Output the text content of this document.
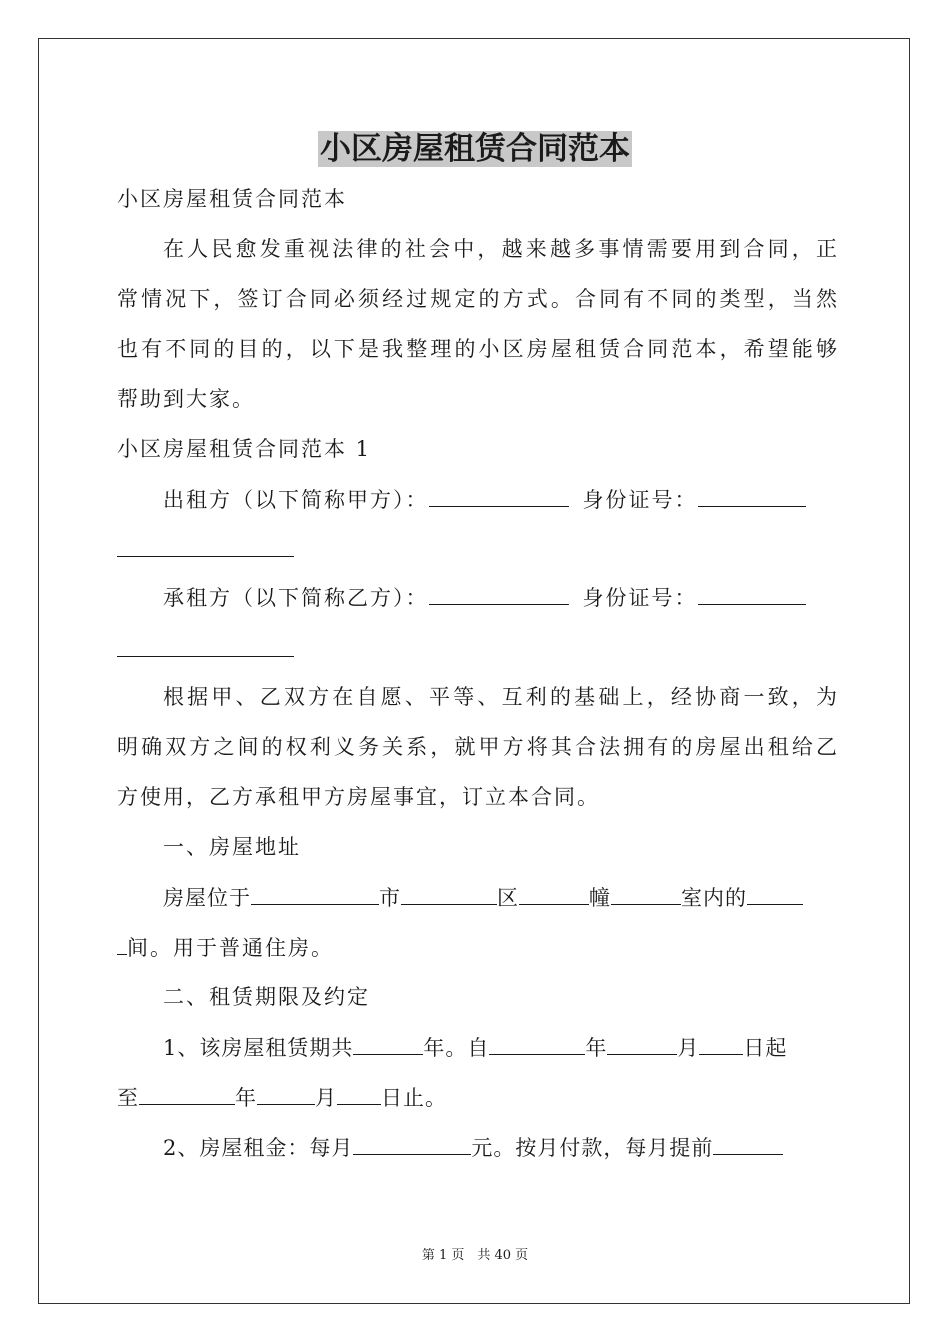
小区房屋租赁合同范本
小区房屋租赁合同范本
在人民愈发重视法律的社会中，越来越多事情需要用到合同，正
常情况下，签订合同必须经过规定的方式。合同有不同的类型，当然
也有不同的目的，以下是我整理的小区房屋租赁合同范本，希望能够
帮助到大家。
小区房屋租赁合同范本 1
出租方（以下简称甲方）：	身份证号：
承租方（以下简称乙方）：	身份证号：
根据甲、乙双方在自愿、平等、互利的基础上，经协商一致，为
明确双方之间的权利义务关系，就甲方将其合法拥有的房屋出租给乙
方使用，乙方承租甲方房屋事宜，订立本合同。
一、房屋地址
房屋位于	市	区	幢	室内的
间。用于普通住房。
二、租赁期限及约定
1、该房屋租赁期共	年。自	年	月 日起
至	年	月 日止。
2、房屋租金：每月	元。按月付款，每月提前
第 1 页　共 40 页
